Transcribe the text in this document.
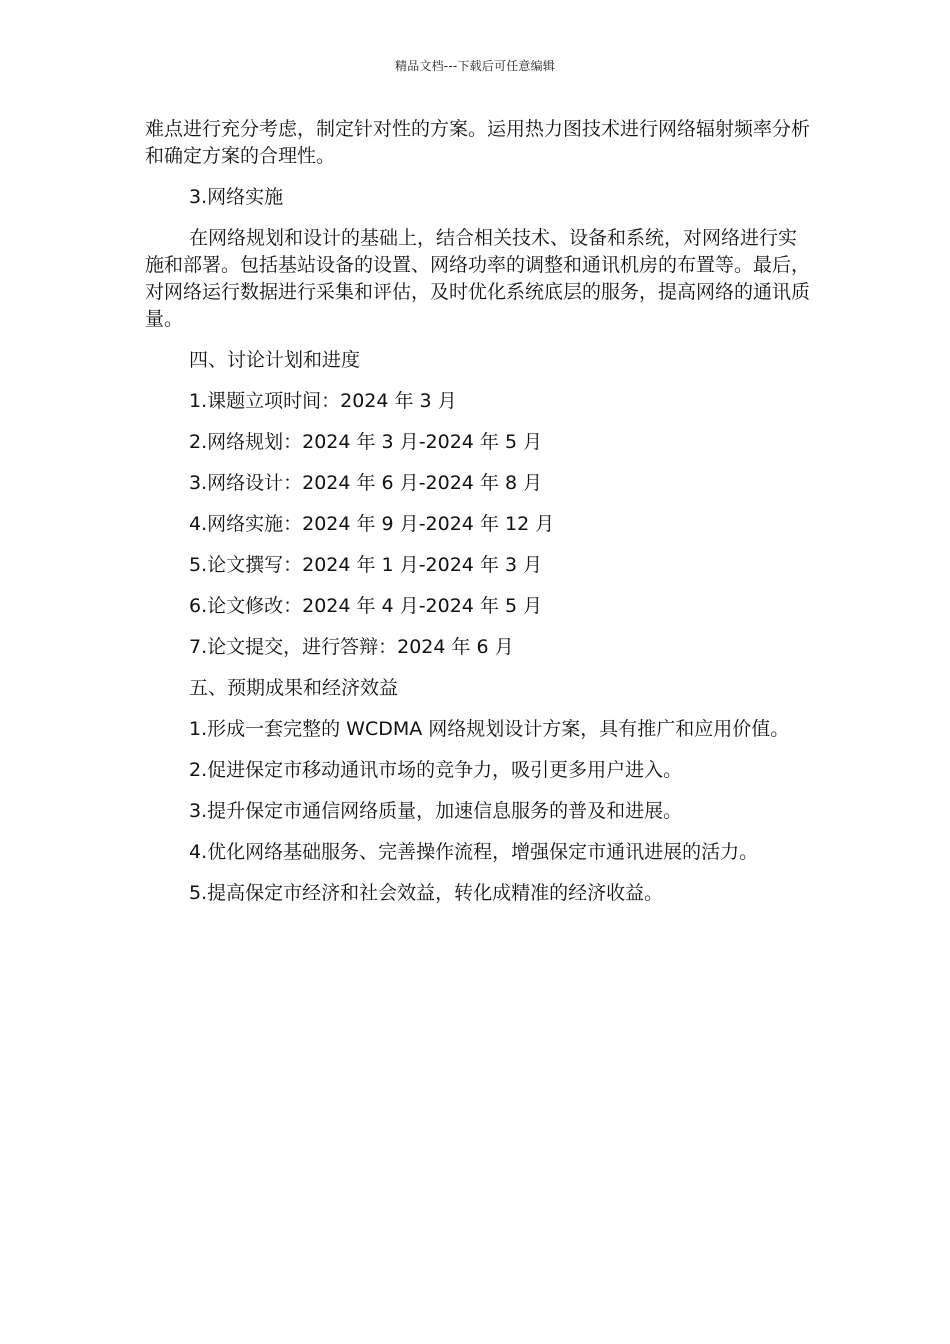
精品文档---下载后可任意编辑

难点进行充分考虑，制定针对性的方案。运用热力图技术进行网络辐射频率分析和确定方案的合理性。

3.网络实施

在网络规划和设计的基础上，结合相关技术、设备和系统，对网络进行实施和部署。包括基站设备的设置、网络功率的调整和通讯机房的布置等。最后，对网络运行数据进行采集和评估，及时优化系统底层的服务，提高网络的通讯质量。

四、讨论计划和进度

1.课题立项时间：2024 年 3 月

2.网络规划：2024 年 3 月-2024 年 5 月

3.网络设计：2024 年 6 月-2024 年 8 月

4.网络实施：2024 年 9 月-2024 年 12 月

5.论文撰写：2024 年 1 月-2024 年 3 月

6.论文修改：2024 年 4 月-2024 年 5 月

7.论文提交，进行答辩：2024 年 6 月

五、预期成果和经济效益

1.形成一套完整的 WCDMA 网络规划设计方案，具有推广和应用价值。

2.促进保定市移动通讯市场的竞争力，吸引更多用户进入。

3.提升保定市通信网络质量，加速信息服务的普及和进展。

4.优化网络基础服务、完善操作流程，增强保定市通讯进展的活力。

5.提高保定市经济和社会效益，转化成精准的经济收益。
